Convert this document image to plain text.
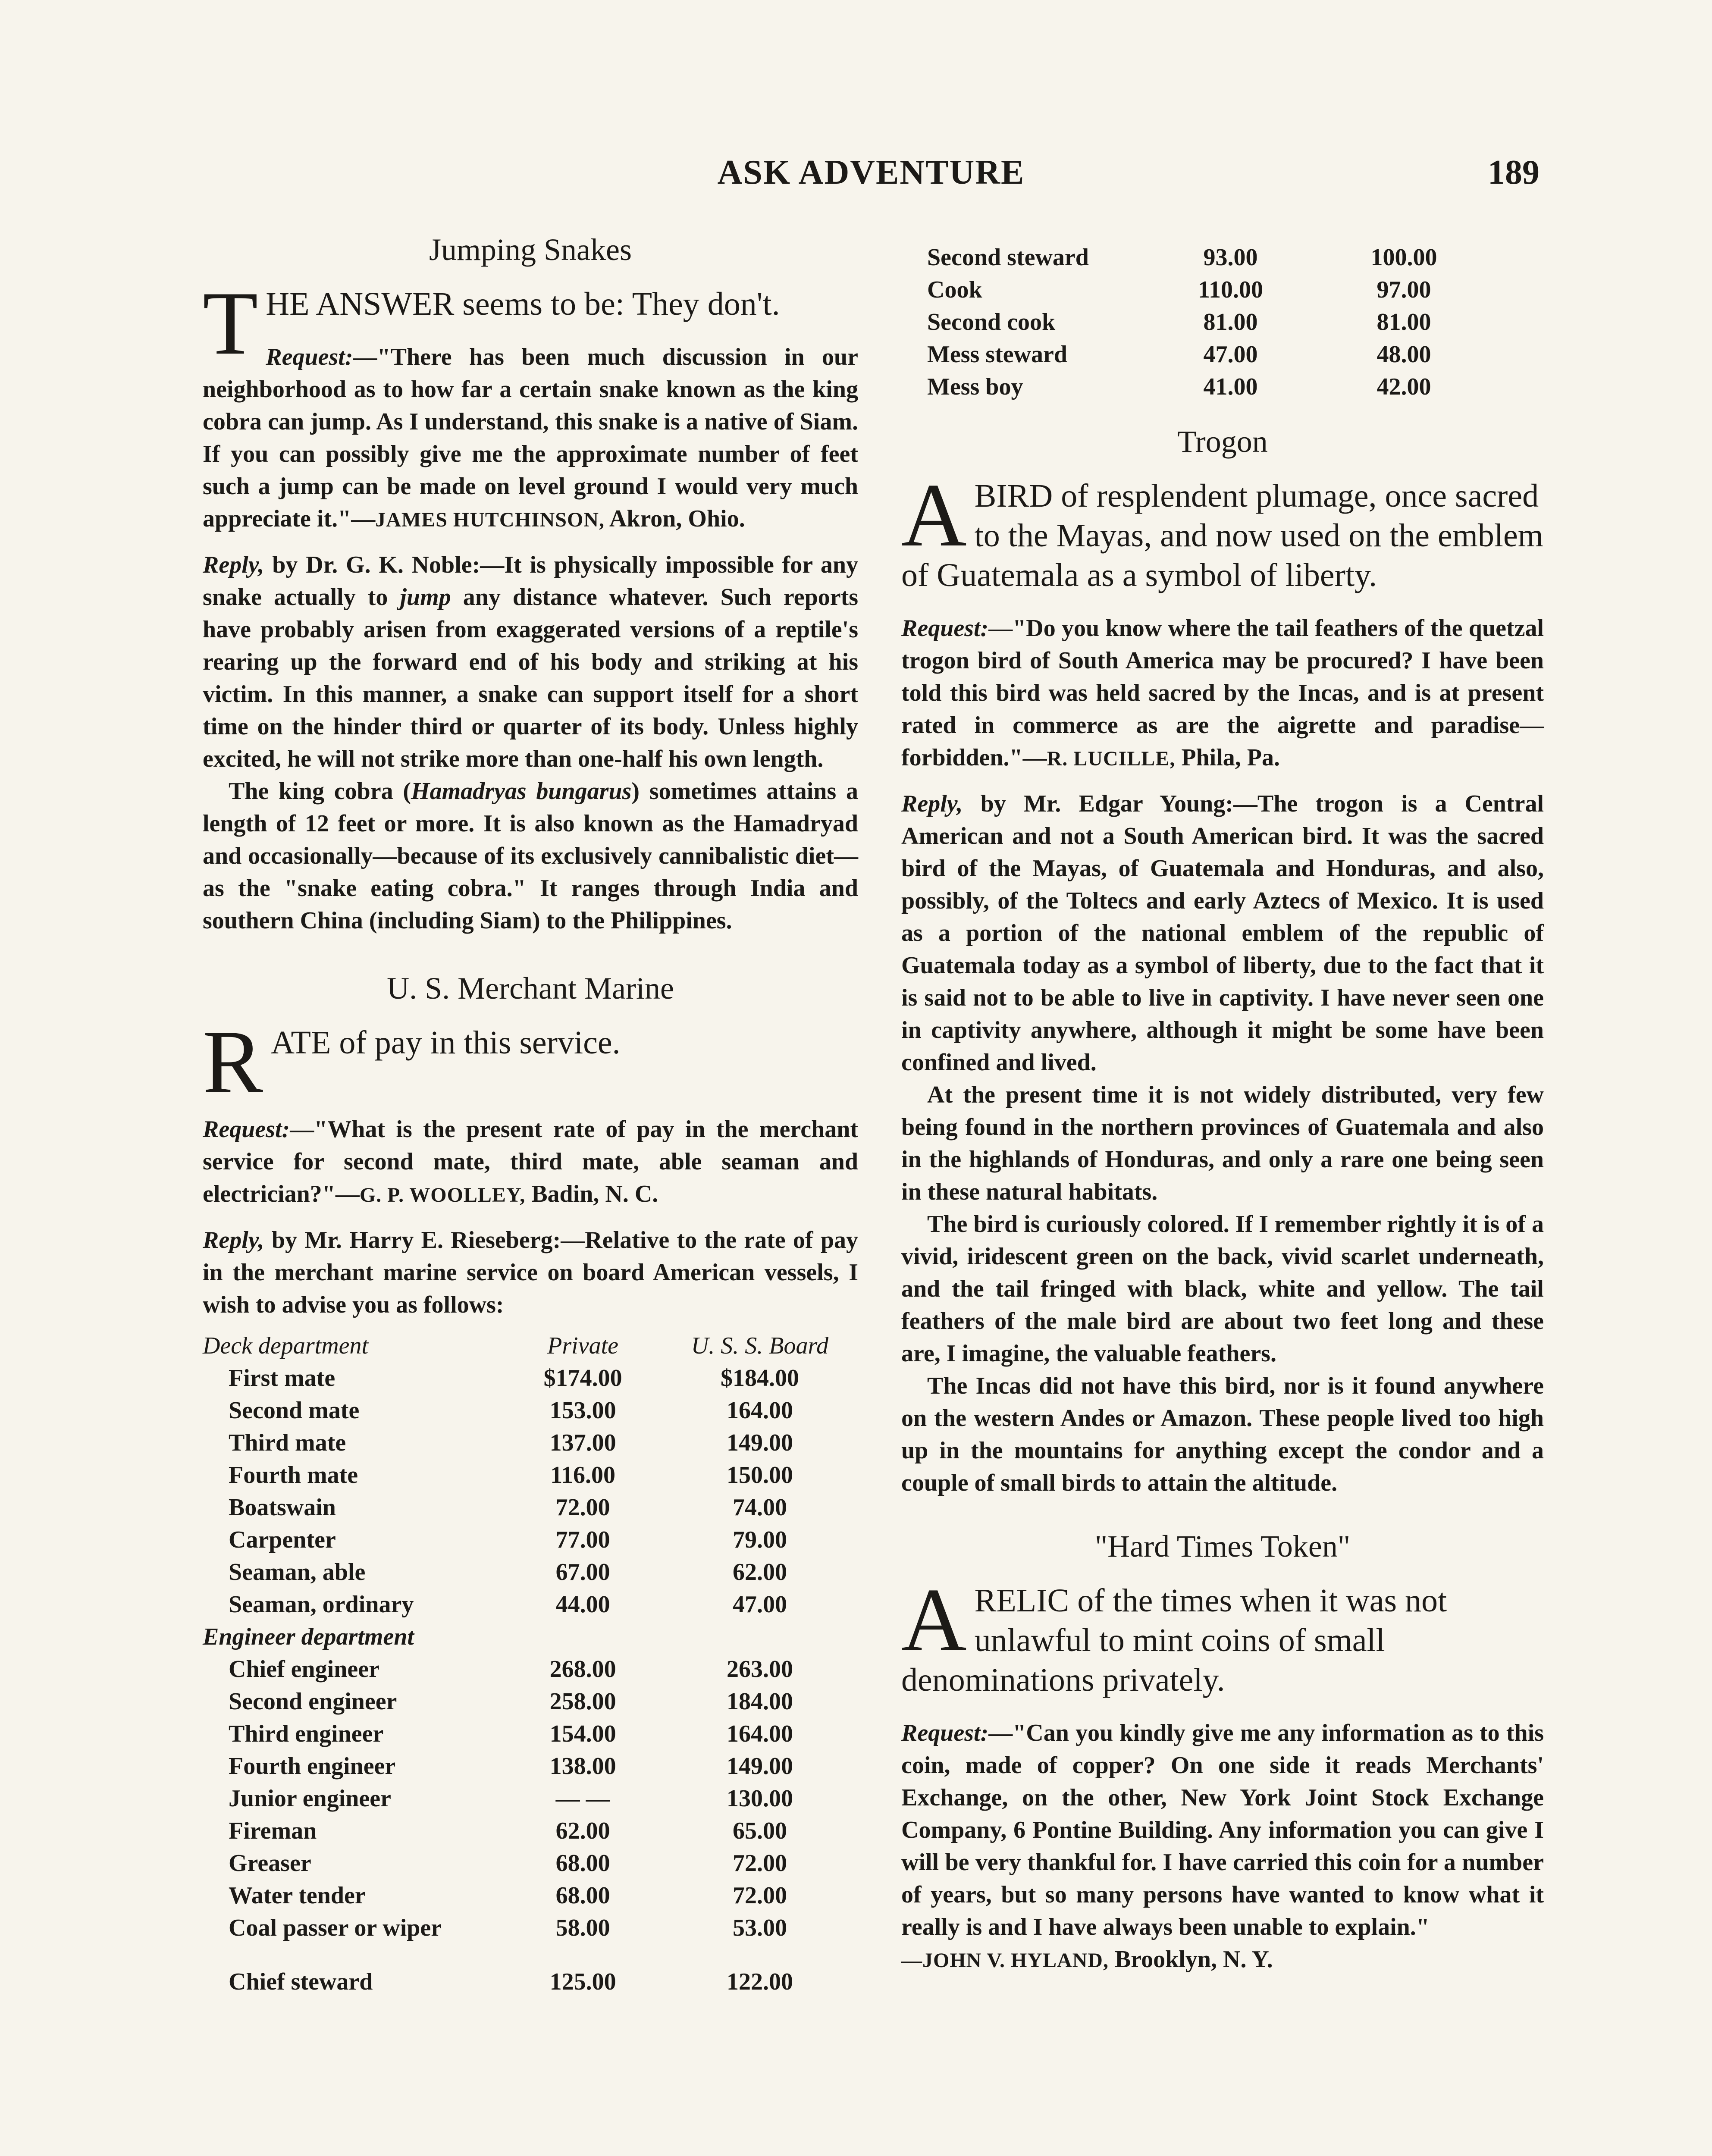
ASK ADVENTURE	189
Jumping Snakes
T HE ANSWER seems to be: They don't.

Request:—"There has been much discussion in our neighborhood as to how far a certain snake known as the king cobra can jump. As I understand, this snake is a native of Siam. If you can possibly give me the approximate number of feet such a jump can be made on level ground I would very much appreciate it."—JAMES HUTCHINSON, Akron, Ohio.

Reply, by Dr. G. K. Noble:—It is physically impossible for any snake actually to jump any distance whatever. Such reports have probably arisen from exaggerated versions of a reptile's rearing up the forward end of his body and striking at his victim. In this manner, a snake can support itself for a short time on the hinder third or quarter of its body. Unless highly excited, he will not strike more than one-half his own length.

The king cobra (Hamadryas bungarus) sometimes attains a length of 12 feet or more. It is also known as the Hamadryad and occasionally—because of its exclusively cannibalistic diet—as the "snake eating cobra." It ranges through India and southern China (including Siam) to the Philippines.

U. S. Merchant Marine
R ATE of pay in this service.

Request:—"What is the present rate of pay in the merchant service for second mate, third mate, able seaman and electrician?"—G. P. WOOLLEY, Badin, N. C.

Reply, by Mr. Harry E. Rieseberg:—Relative to the rate of pay in the merchant marine service on board American vessels, I wish to advise you as follows:

Deck department	Private	U. S. S. Board
First mate	$174.00	$184.00
Second mate	153.00	164.00
Third mate	137.00	149.00
Fourth mate	116.00	150.00
Boatswain	72.00	74.00
Carpenter	77.00	79.00
Seaman, able	67.00	62.00
Seaman, ordinary	44.00	47.00
Engineer department		
Chief engineer	268.00	263.00
Second engineer	258.00	184.00
Third engineer	154.00	164.00
Fourth engineer	138.00	149.00
Junior engineer	— —	130.00
Fireman	62.00	65.00
Greaser	68.00	72.00
Water tender	68.00	72.00
Coal passer or wiper	58.00	53.00

Chief steward	125.00	122.00
Second steward	93.00	100.00
Cook	110.00	97.00
Second cook	81.00	81.00
Mess steward	47.00	48.00
Mess boy	41.00	42.00
Trogon
A BIRD of resplendent plumage, once sacred to the Mayas, and now used on the emblem of Guatemala as a symbol of liberty.

Request:—"Do you know where the tail feathers of the quetzal trogon bird of South America may be procured? I have been told this bird was held sacred by the Incas, and is at present rated in commerce as are the aigrette and paradise—forbidden."—R. LUCILLE, Phila, Pa.

Reply, by Mr. Edgar Young:—The trogon is a Central American and not a South American bird. It was the sacred bird of the Mayas, of Guatemala and Honduras, and also, possibly, of the Toltecs and early Aztecs of Mexico. It is used as a portion of the national emblem of the republic of Guatemala today as a symbol of liberty, due to the fact that it is said not to be able to live in captivity. I have never seen one in captivity anywhere, although it might be some have been confined and lived.

At the present time it is not widely distributed, very few being found in the northern provinces of Guatemala and also in the highlands of Honduras, and only a rare one being seen in these natural habitats.

The bird is curiously colored. If I remember rightly it is of a vivid, iridescent green on the back, vivid scarlet underneath, and the tail fringed with black, white and yellow. The tail feathers of the male bird are about two feet long and these are, I imagine, the valuable feathers.

The Incas did not have this bird, nor is it found anywhere on the western Andes or Amazon. These people lived too high up in the mountains for anything except the condor and a couple of small birds to attain the altitude.

"Hard Times Token"
A RELIC of the times when it was not unlawful to mint coins of small denominations privately.

Request:—"Can you kindly give me any information as to this coin, made of copper? On one side it reads Merchants' Exchange, on the other, New York Joint Stock Exchange Company, 6 Pontine Building. Any information you can give I will be very thankful for. I have carried this coin for a number of years, but so many persons have wanted to know what it really is and I have always been unable to explain."

—JOHN V. HYLAND, Brooklyn, N. Y.
